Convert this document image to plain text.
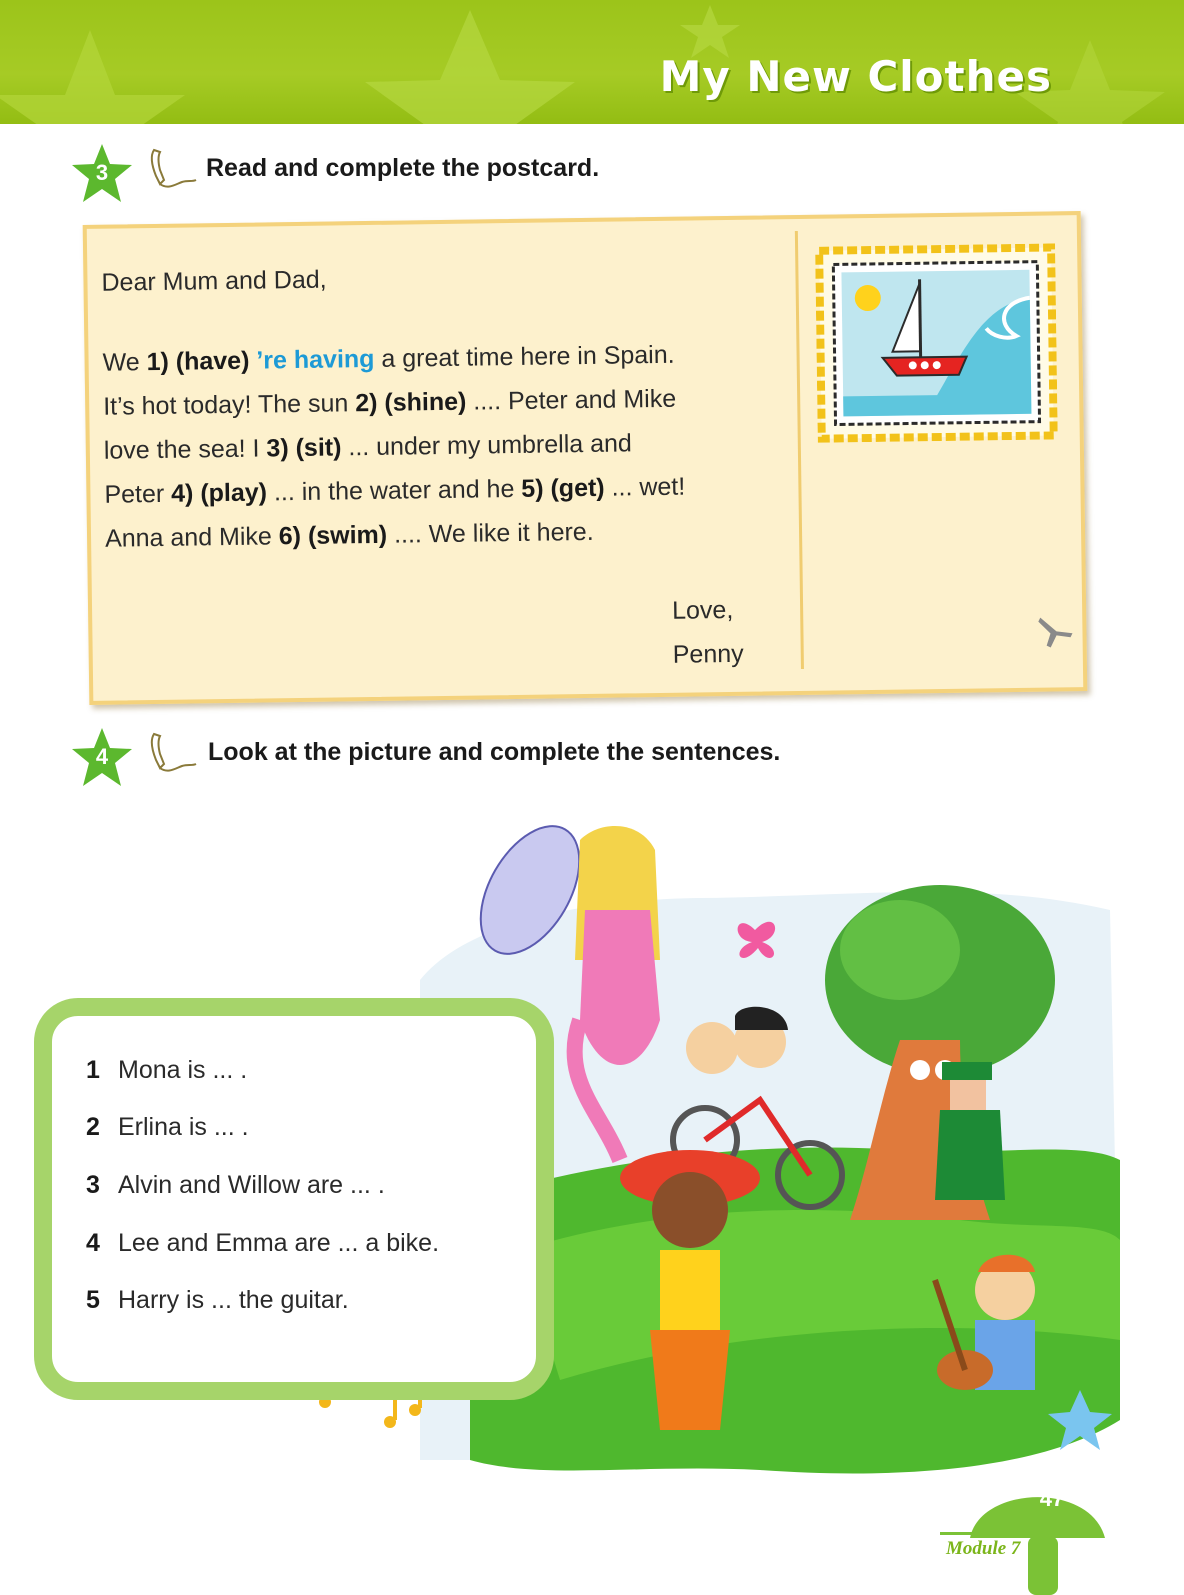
My New Clothes
3	Read and complete the postcard.
Dear Mum and Dad,
We 1) (have) ’re having a great time here in Spain.
It’s hot today! The sun 2) (shine) .... Peter and Mike
love the sea! I 3) (sit) ... under my umbrella and
Peter 4) (play) ... in the water and he 5) (get) ... wet!
Anna and Mike 6) (swim) .... We like it here.
Love,
Penny
4	Look at the picture and complete the sentences.
1 Mona is ... .
2 Erlina is ... .
3 Alvin and Willow are ... .
4 Lee and Emma are ... a bike.
5 Harry is ... the guitar.
47
Module 7
